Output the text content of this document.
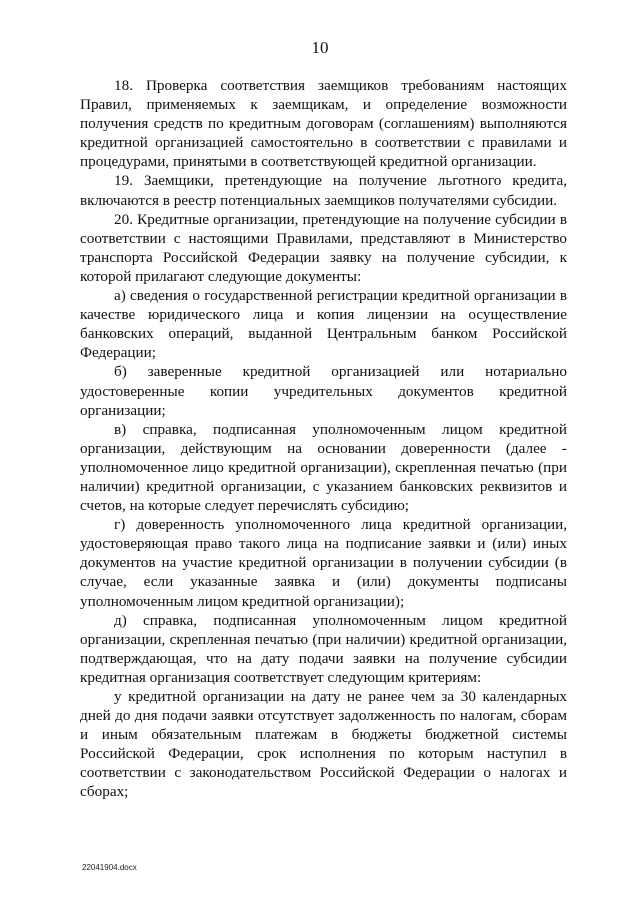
10

18. Проверка соответствия заемщиков требованиям настоящих Правил, применяемых к заемщикам, и определение возможности получения средств по кредитным договорам (соглашениям) выполняются кредитной организацией самостоятельно в соответствии с правилами и процедурами, принятыми в соответствующей кредитной организации.

19. Заемщики, претендующие на получение льготного кредита, включаются в реестр потенциальных заемщиков получателями субсидии.

20. Кредитные организации, претендующие на получение субсидии в соответствии с настоящими Правилами, представляют в Министерство транспорта Российской Федерации заявку на получение субсидии, к которой прилагают следующие документы:

а) сведения о государственной регистрации кредитной организации в качестве юридического лица и копия лицензии на осуществление банковских операций, выданной Центральным банком Российской Федерации;

б) заверенные кредитной организацией или нотариально удостоверенные копии учредительных документов кредитной организации;

в) справка, подписанная уполномоченным лицом кредитной организации, действующим на основании доверенности (далее - уполномоченное лицо кредитной организации), скрепленная печатью (при наличии) кредитной организации, с указанием банковских реквизитов и счетов, на которые следует перечислять субсидию;

г) доверенность уполномоченного лица кредитной организации, удостоверяющая право такого лица на подписание заявки и (или) иных документов на участие кредитной организации в получении субсидии (в случае, если указанные заявка и (или) документы подписаны уполномоченным лицом кредитной организации);

д) справка, подписанная уполномоченным лицом кредитной организации, скрепленная печатью (при наличии) кредитной организации, подтверждающая, что на дату подачи заявки на получение субсидии кредитная организация соответствует следующим критериям:

у кредитной организации на дату не ранее чем за 30 календарных дней до дня подачи заявки отсутствует задолженность по налогам, сборам и иным обязательным платежам в бюджеты бюджетной системы Российской Федерации, срок исполнения по которым наступил в соответствии с законодательством Российской Федерации о налогах и сборах;

22041904.docx
